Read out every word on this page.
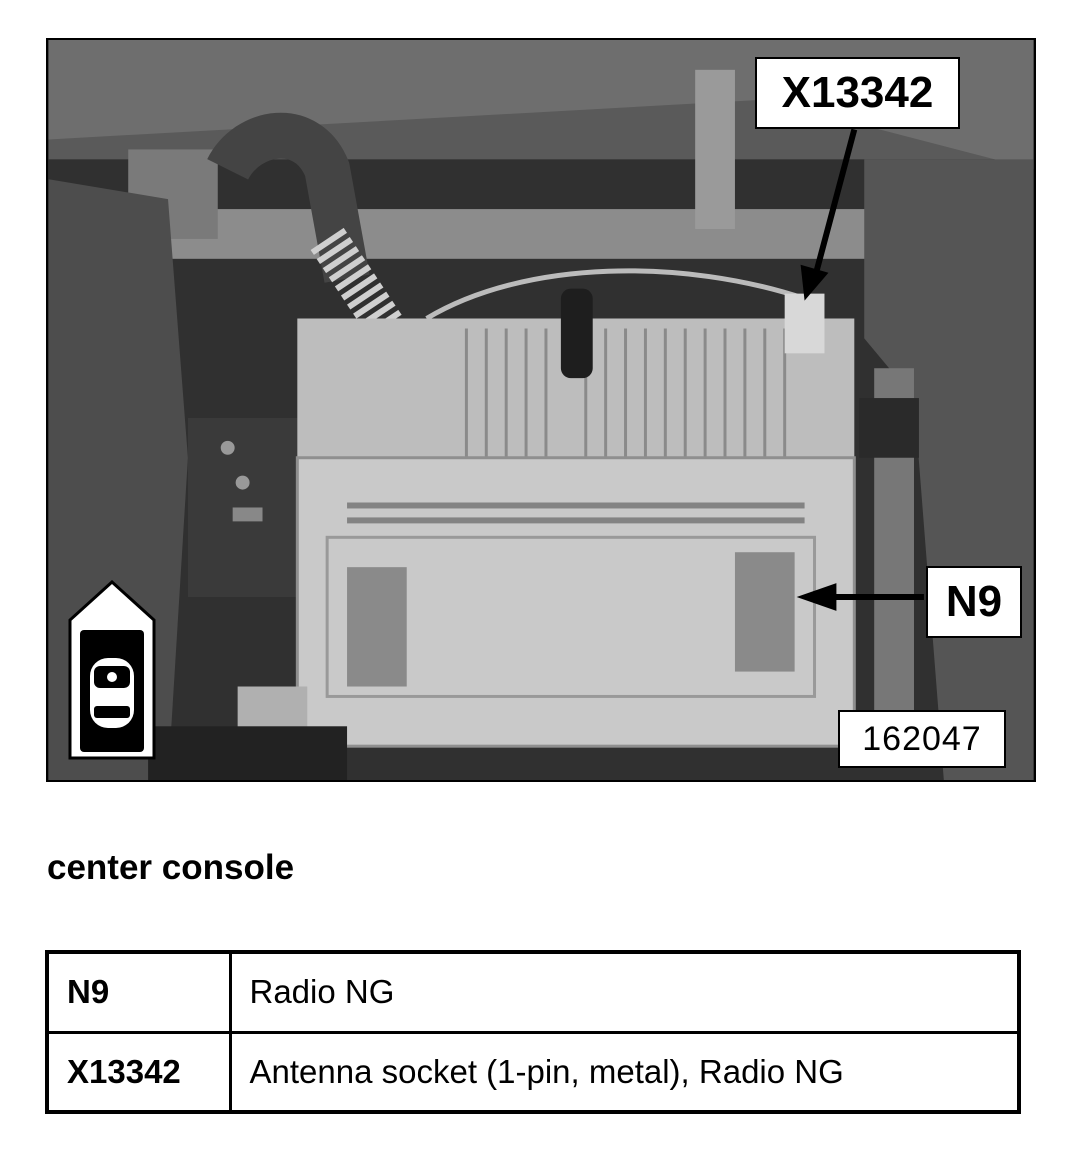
X13342
N9
162047
center console
N9	Radio NG
X13342	Antenna socket (1-pin, metal), Radio NG
